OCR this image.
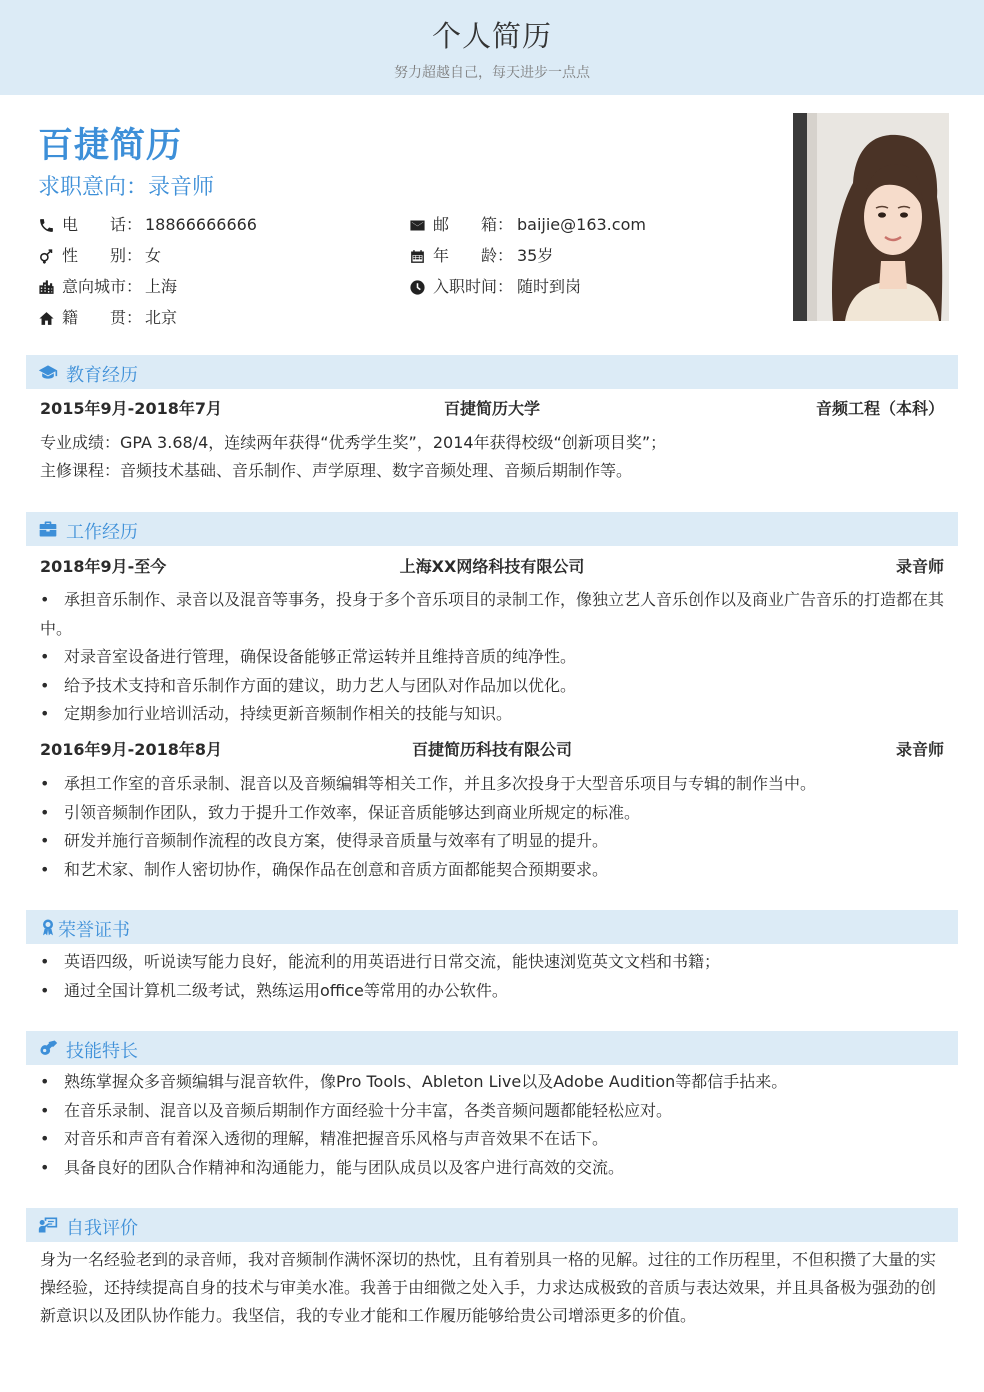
个人简历
努力超越自己，每天进步一点点
百捷简历
求职意向：录音师
电　　话： 18866666666
性　　别： 女
意向城市： 上海
籍　　贯： 北京
邮　　箱： baijie@163.com
年　　龄： 35岁
入职时间： 随时到岗
教育经历
2015年9月-2018年7月	百捷简历大学	音频工程（本科）
专业成绩：GPA 3.68/4，连续两年获得“优秀学生奖”，2014年获得校级“创新项目奖”；
主修课程：音频技术基础、音乐制作、声学原理、数字音频处理、音频后期制作等。
工作经历
2018年9月-至今	上海XX网络科技有限公司	录音师
• 承担音乐制作、录音以及混音等事务，投身于多个音乐项目的录制工作，像独立艺人音乐创作以及商业广告音乐的打造都在其中。
• 对录音室设备进行管理，确保设备能够正常运转并且维持音质的纯净性。
• 给予技术支持和音乐制作方面的建议，助力艺人与团队对作品加以优化。
• 定期参加行业培训活动，持续更新音频制作相关的技能与知识。
2016年9月-2018年8月	百捷简历科技有限公司	录音师
• 承担工作室的音乐录制、混音以及音频编辑等相关工作，并且多次投身于大型音乐项目与专辑的制作当中。
• 引领音频制作团队，致力于提升工作效率，保证音质能够达到商业所规定的标准。
• 研发并施行音频制作流程的改良方案，使得录音质量与效率有了明显的提升。
• 和艺术家、制作人密切协作，确保作品在创意和音质方面都能契合预期要求。
荣誉证书
• 英语四级，听说读写能力良好，能流利的用英语进行日常交流，能快速浏览英文文档和书籍；
• 通过全国计算机二级考试，熟练运用office等常用的办公软件。
技能特长
• 熟练掌握众多音频编辑与混音软件，像Pro Tools、Ableton Live以及Adobe Audition等都信手拈来。
• 在音乐录制、混音以及音频后期制作方面经验十分丰富，各类音频问题都能轻松应对。
• 对音乐和声音有着深入透彻的理解，精准把握音乐风格与声音效果不在话下。
• 具备良好的团队合作精神和沟通能力，能与团队成员以及客户进行高效的交流。
自我评价
身为一名经验老到的录音师，我对音频制作满怀深切的热忱，且有着别具一格的见解。过往的工作历程里，不但积攒了大量的实操经验，还持续提高自身的技术与审美水准。我善于由细微之处入手，力求达成极致的音质与表达效果，并且具备极为强劲的创新意识以及团队协作能力。我坚信，我的专业才能和工作履历能够给贵公司增添更多的价值。
